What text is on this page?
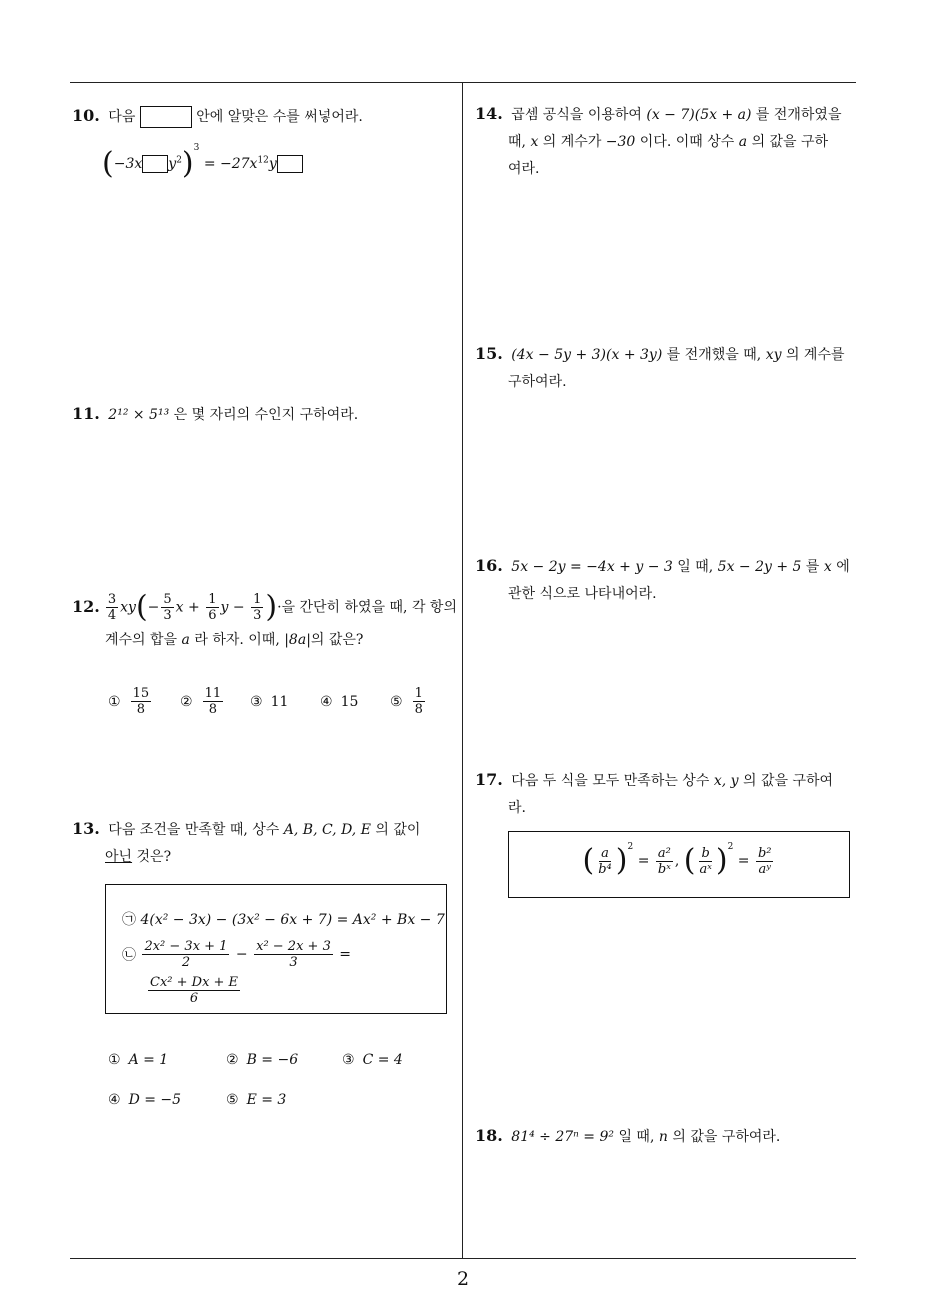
2
10. 다음	안에 알맞은 수를 써넣어라.
(−3x $y^2)^3 = -27x^{12}y$
11. 2¹² × 5¹³ 은 몇 자리의 수인지 구하여라.
12. $\frac{3}{4} xy(- \frac{5}{3}$ $x + \frac{1}{6}$ $y - \frac{1}{3}$ )·을 간단히 하였을 때, 각 항의
계수의 합을 a 라 하자. 이때, |8a|의 값은?
① $\frac{15}{8}$ ② $\frac{11}{8}$ ③ 11 ④ 15 ⑤ $\frac{1}{8}$
13. 다음 조건을 만족할 때, 상수 A, B, C, D, E 의 값이
아닌 것은?
㉠ 4(x² − 3x) − (3x² − 6x + 7) = Ax² + Bx − 7
㉡ $\frac{\text{2x² − 3x + 1}}{2} - \frac{\text{x² − 2x + 3}}{3}$ =
$\frac{\text{Cx² + Dx + E}}{6}$
① A = 1	② B = −6	③ C = 4
④ D = −5	⑤ E = 3
14. 곱셈 공식을 이용하여 (x − 7)(5x + a) 를 전개하였을
때, x 의 계수가 −30 이다. 이때 상수 a 의 값을 구하
여라.
15. (4x − 5y + 3)(x + 3y) 를 전개했을 때, xy 의 계수를
구하여라.
16. 5x − 2y = −4x + y − 3 일 때, 5x − 2y + 5 를 x 에
관한 식으로 나타내어라.
17. 다음 두 식을 모두 만족하는 상수 x, y 의 값을 구하여
라.
( $\frac{a}{\text{b⁴}} )^2 = \frac{\text{a²}}{\text{bˣ}}$ , ( $\frac{b}{\text{aˣ}} )^2 = \frac{\text{b²}}{\text{aʸ}}$
18. 81⁴ ÷ 27ⁿ = 9² 일 때, n 의 값을 구하여라.
